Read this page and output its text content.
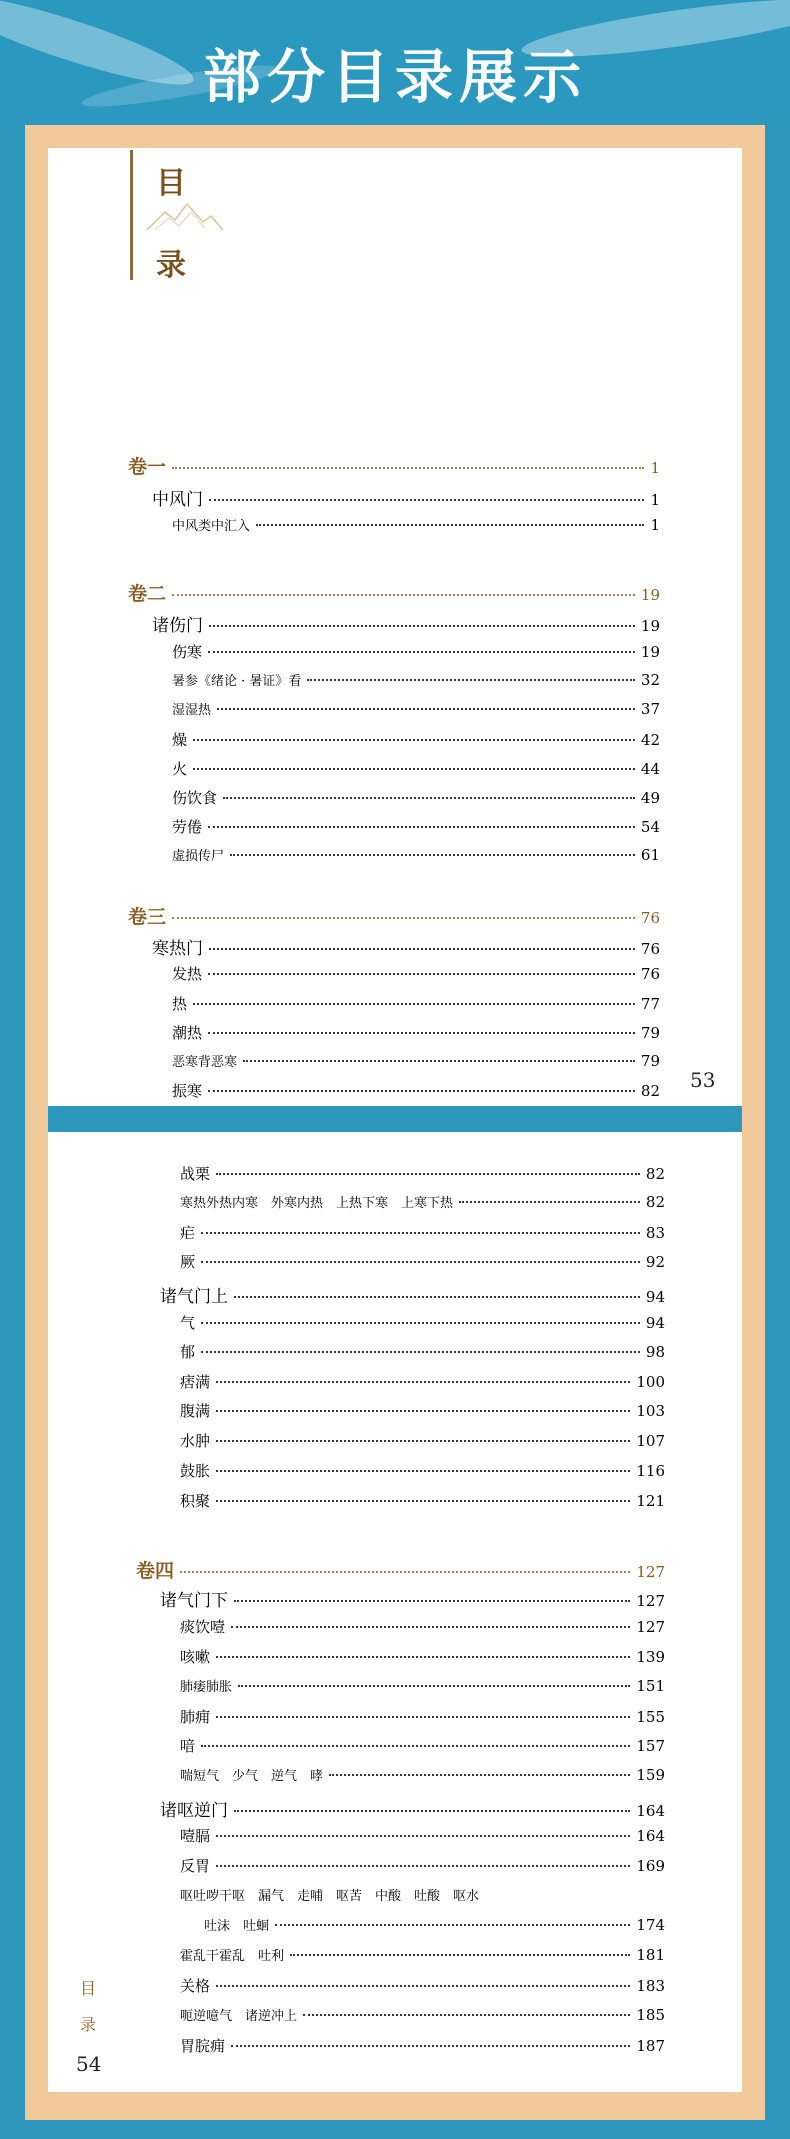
部分目录展示
目
录
卷一	1
中风门	1
中风类中汇入	1
卷二	19
诸伤门	19
伤寒	19
暑参《绪论 · 暑证》看	32
湿湿热	37
燥	42
火	44
伤饮食	49
劳倦	54
虚损传尸	61
卷三	76
寒热门	76
发热	76
热	77
潮热	79
恶寒背恶寒	79
振寒	82 53
战栗	82
寒热外热内寒　外寒内热　上热下寒　上寒下热	82
疟	83
厥	92
诸气门上	94
气	94
郁	98
痞满	100
腹满	103
水肿	107
鼓胀	116
积聚	121
卷四	127
诸气门下	127
痰饮噎	127
咳嗽	139
肺痿肺胀	151
肺痈	155
喑	157
喘短气　少气　逆气　哮	159
诸呕逆门	164
噎膈	164
反胃	169
呕吐哕干呕　漏气　走哺　呕苦　中酸　吐酸　呕水
吐沫　吐蛔	174
霍乱干霍乱　吐利	181
关格	183
呃逆噫气　诸逆冲上	185
胃脘痈	187
目
录
54
